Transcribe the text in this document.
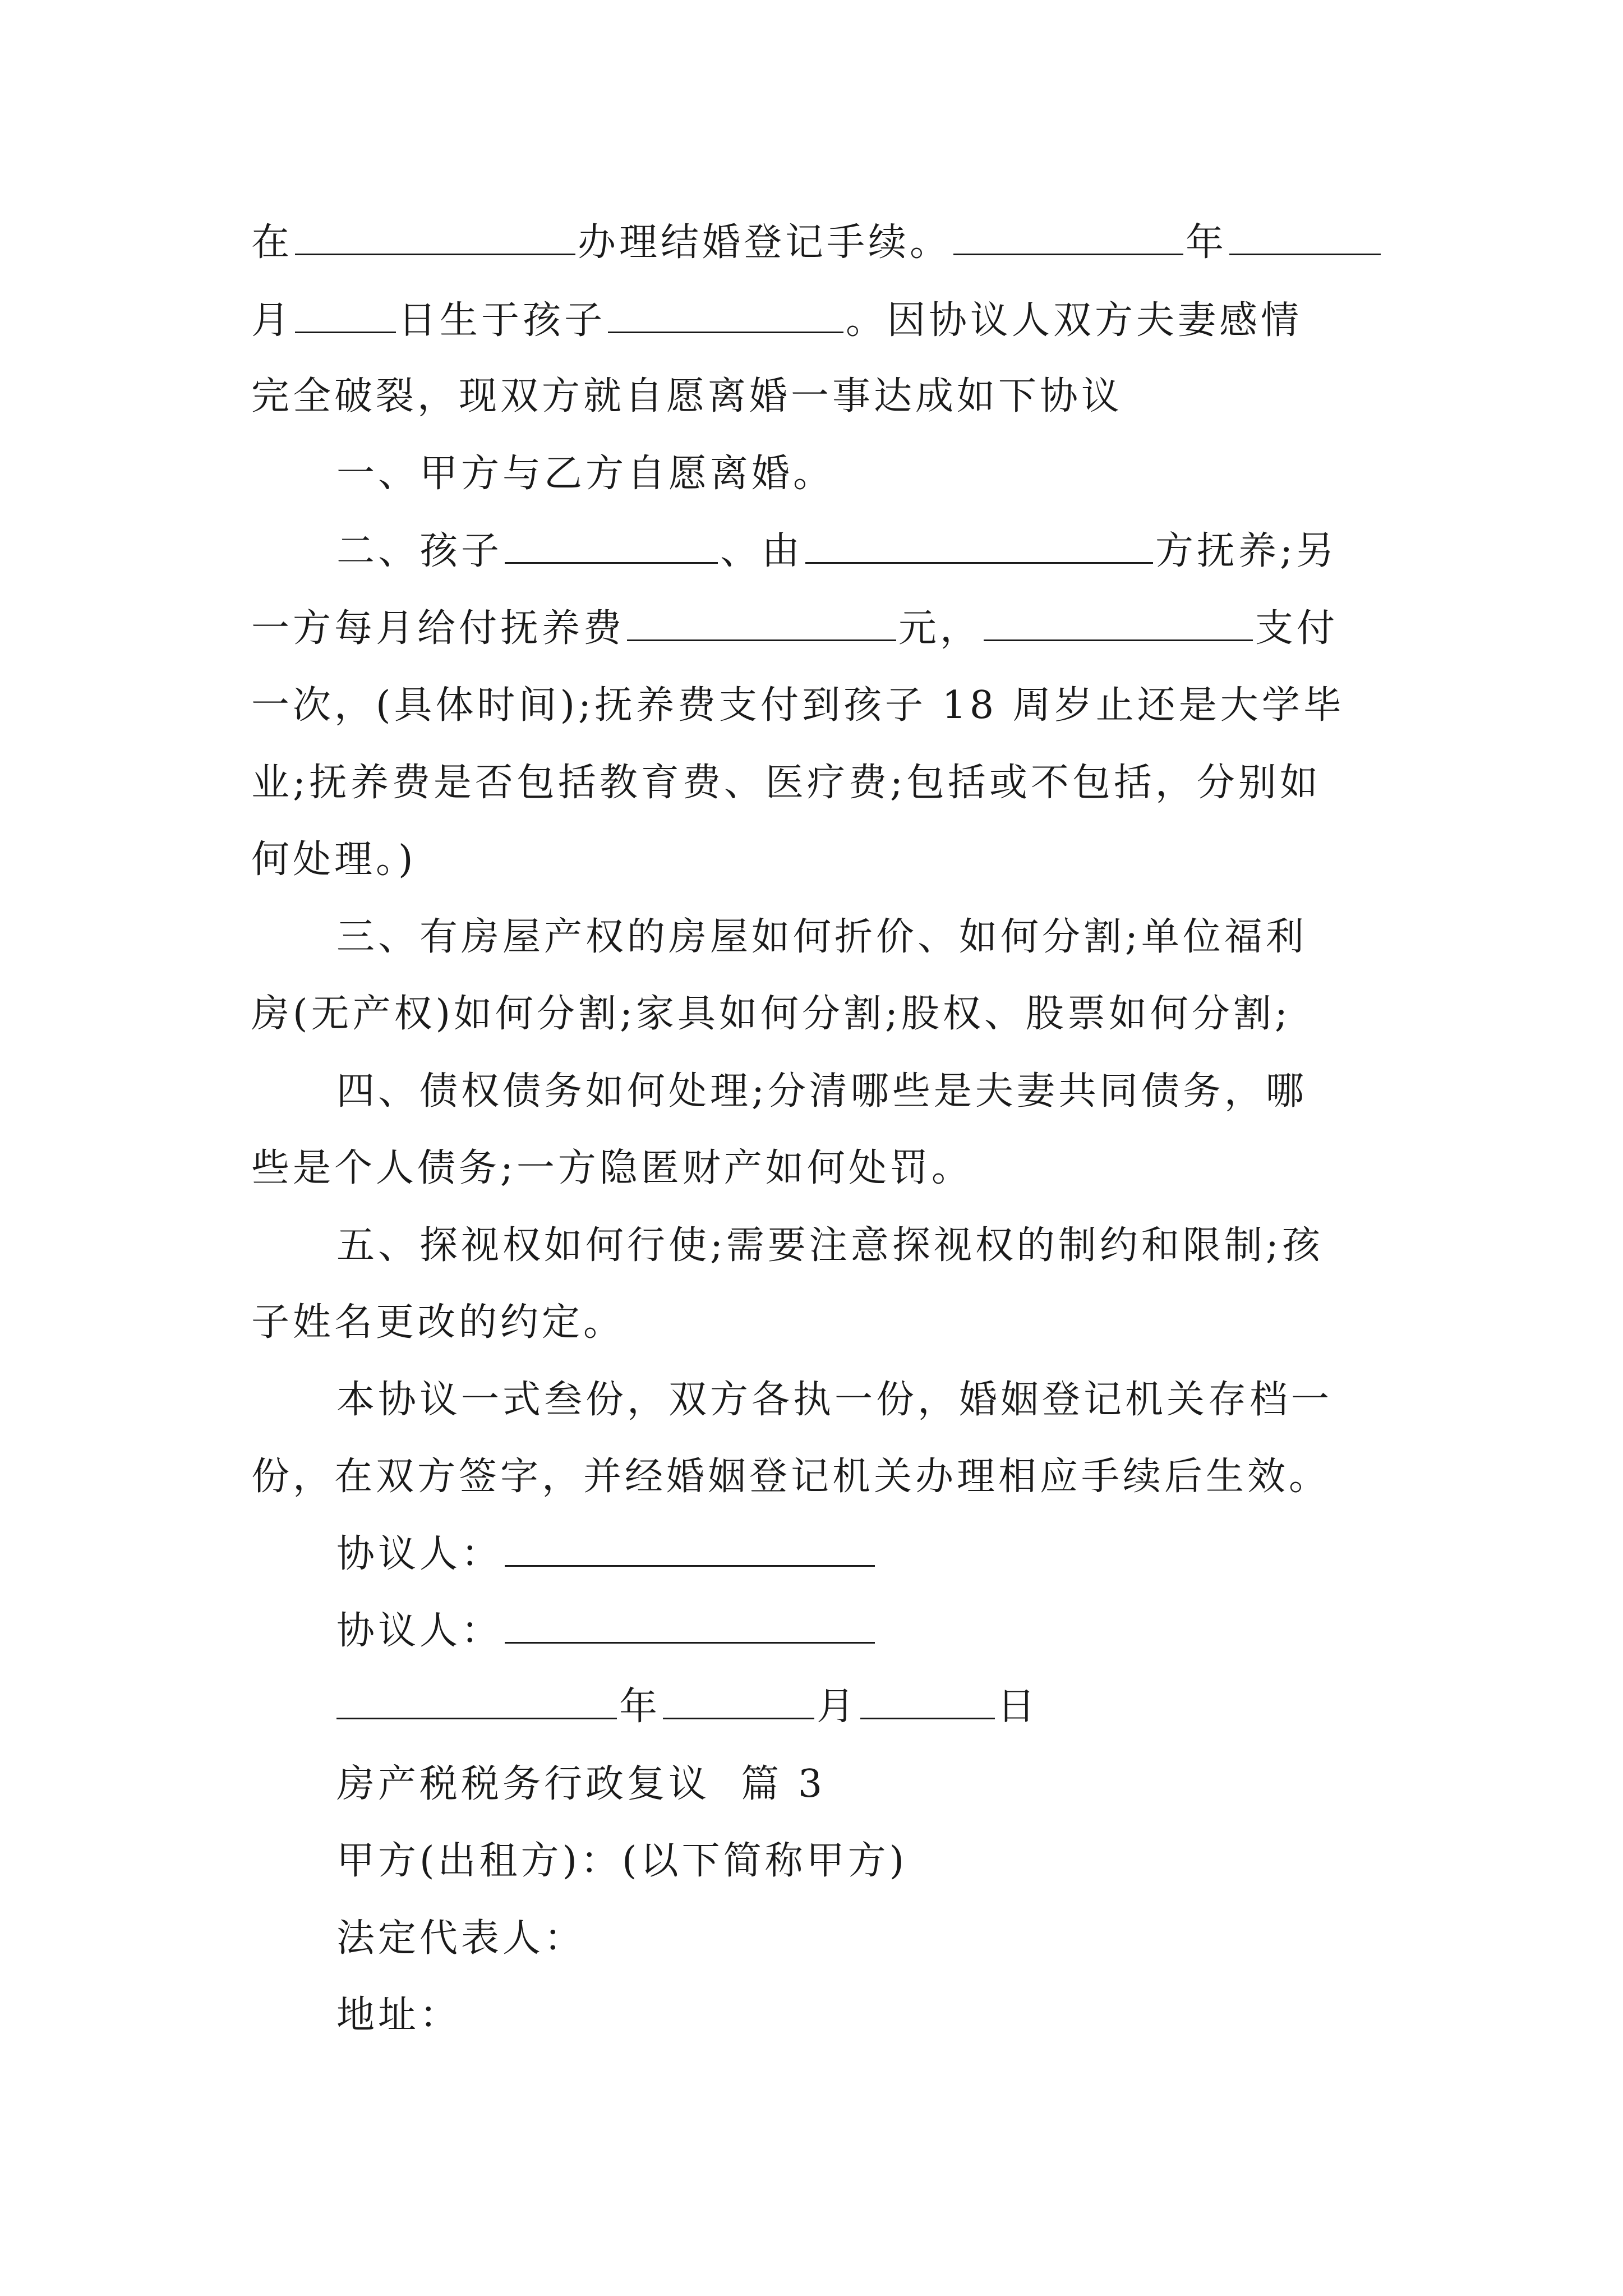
在	办理结婚登记手续。	年
月	日生于孩子	。因协议人双方夫妻感情
完全破裂，现双方就自愿离婚一事达成如下协议
一、甲方与乙方自愿离婚。
二、孩子	、由	方抚养;另
一方每月给付抚养费	元，	支付
一次，(具体时间);抚养费支付到孩子 18 周岁止还是大学毕
业;抚养费是否包括教育费、医疗费;包括或不包括，分别如
何处理。)
三、有房屋产权的房屋如何折价、如何分割;单位福利
房(无产权)如何分割;家具如何分割;股权、股票如何分割;
四、债权债务如何处理;分清哪些是夫妻共同债务，哪
些是个人债务;一方隐匿财产如何处罚。
五、探视权如何行使;需要注意探视权的制约和限制;孩
子姓名更改的约定。
本协议一式叁份，双方各执一份，婚姻登记机关存档一
份，在双方签字，并经婚姻登记机关办理相应手续后生效。
协议人：
协议人：
年	月	日
房产税税务行政复议  篇 3
甲方(出租方)：(以下简称甲方)
法定代表人：
地址：
